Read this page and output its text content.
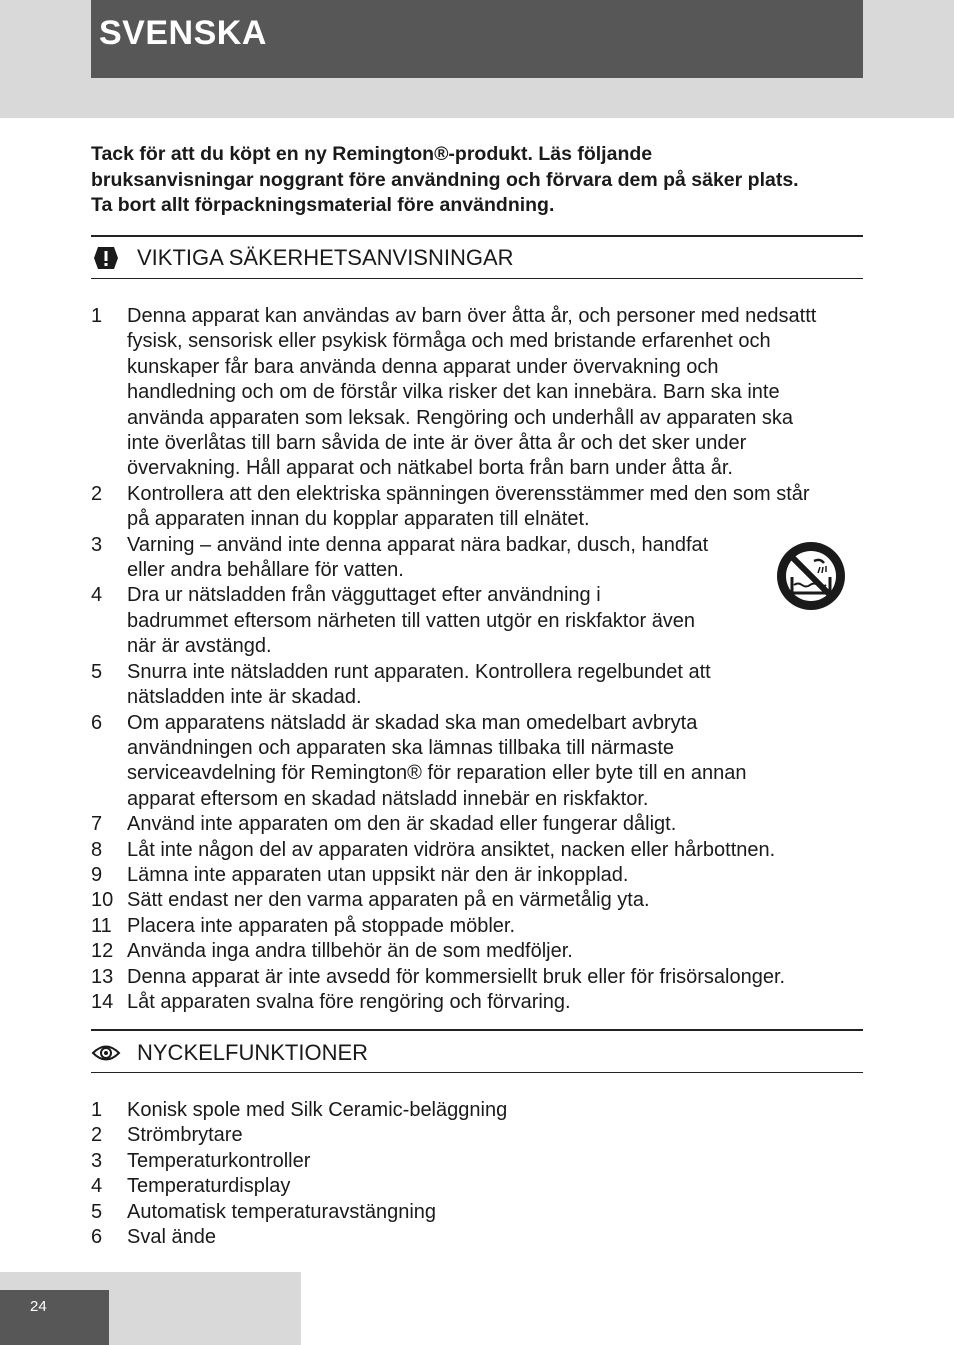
SVENSKA

Tack för att du köpt en ny Remington®-produkt. Läs följande

bruksanvisningar noggrant före användning och förvara dem på säker plats.

Ta bort allt förpackningsmaterial före användning.

VIKTIGA SÄKERHETSANVISNINGAR
1	Denna apparat kan användas av barn över åtta år, och personer med nedsattt
fysisk, sensorisk eller psykisk förmåga och med bristande erfarenhet och
kunskaper får bara använda denna apparat under övervakning och
handledning och om de förstår vilka risker det kan innebära. Barn ska inte
använda apparaten som leksak. Rengöring och underhåll av apparaten ska
inte överlåtas till barn såvida de inte är över åtta år och det sker under
övervakning. Håll apparat och nätkabel borta från barn under åtta år.
2	Kontrollera att den elektriska spänningen överensstämmer med den som står
på apparaten innan du kopplar apparaten till elnätet.
3	Varning – använd inte denna apparat nära badkar, dusch, handfat
eller andra behållare för vatten.
4	Dra ur nätsladden från vägguttaget efter användning i
badrummet eftersom närheten till vatten utgör en riskfaktor även
när är avstängd.
5	Snurra inte nätsladden runt apparaten. Kontrollera regelbundet att
nätsladden inte är skadad.
6	Om apparatens nätsladd är skadad ska man omedelbart avbryta
användningen och apparaten ska lämnas tillbaka till närmaste
serviceavdelning för Remington® för reparation eller byte till en annan
apparat eftersom en skadad nätsladd innebär en riskfaktor.
7	Använd inte apparaten om den är skadad eller fungerar dåligt.
8	Låt inte någon del av apparaten vidröra ansiktet, nacken eller hårbottnen.
9	Lämna inte apparaten utan uppsikt när den är inkopplad.
10 Sätt endast ner den varma apparaten på en värmetålig yta.
11 Placera inte apparaten på stoppade möbler.
12 Använda inga andra tillbehör än de som medföljer.
13 Denna apparat är inte avsedd för kommersiellt bruk eller för frisörsalonger.
14 Låt apparaten svalna före rengöring och förvaring.
NYCKELFUNKTIONER
1	Konisk spole med Silk Ceramic-beläggning
2	Strömbrytare
3	Temperaturkontroller
4	Temperaturdisplay
5	Automatisk temperaturavstängning
6	Sval ände
24
